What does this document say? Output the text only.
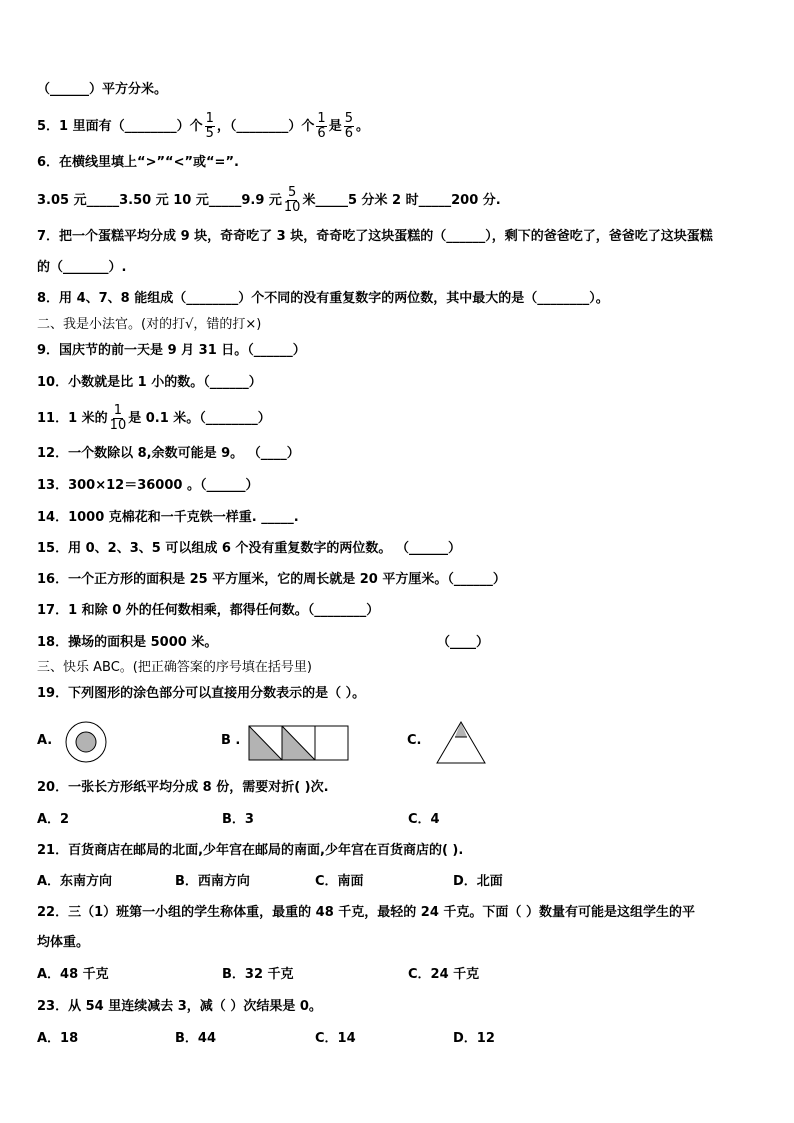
（______）平方分米。
5．1 里面有（________）个 $\frac{1}{5}$ ，（________）个 $\frac{1}{6}$ 是 $\frac{5}{6}$ 。
6．在横线里填上“>”“<”或“=”.
3.05 元_____3.50 元 10 元_____9.9 元 $\frac{5}{10}$ 米_____5 分米 2 时_____200 分.
7．把一个蛋糕平均分成 9 块，奇奇吃了 3 块，奇奇吃了这块蛋糕的（______），剩下的爸爸吃了，爸爸吃了这块蛋糕
的（_______）.
8．用 4、7、8 能组成（________）个不同的没有重复数字的两位数，其中最大的是（________）。
二、我是小法官。(对的打√，错的打×)
9．国庆节的前一天是 9 月 31 日。（______）
10．小数就是比 1 小的数。（______）
11．1 米的 $\frac{1}{10}$ 是 0.1 米。（________）
12．一个数除以 8,余数可能是 9。 （____）
13．300×12＝36000 。（______）
14．1000 克棉花和一千克铁一样重. _____.
15．用 0、2、3、5 可以组成 6 个没有重复数字的两位数。 （______）
16．一个正方形的面积是 25 平方厘米，它的周长就是 20 平方厘米。（______）
17．1 和除 0 外的任何数相乘，都得任何数。（________）
18．操场的面积是 5000 米。	（____）
三、快乐 ABC。(把正确答案的序号填在括号里)
19．下列图形的涂色部分可以直接用分数表示的是（ ）。
A.	B .	C.
20．一张长方形纸平均分成 8 份，需要对折( )次.
A．2	B．3	C．4
21．百货商店在邮局的北面,少年宫在邮局的南面,少年宫在百货商店的( ).
A．东南方向	B．西南方向	C．南面	D．北面
22．三（1）班第一小组的学生称体重，最重的 48 千克，最轻的 24 千克。下面（ ）数量有可能是这组学生的平
均体重。
A．48 千克	B．32 千克	C．24 千克
23．从 54 里连续减去 3，减（ ）次结果是 0。
A．18	B．44	C．14	D．12
